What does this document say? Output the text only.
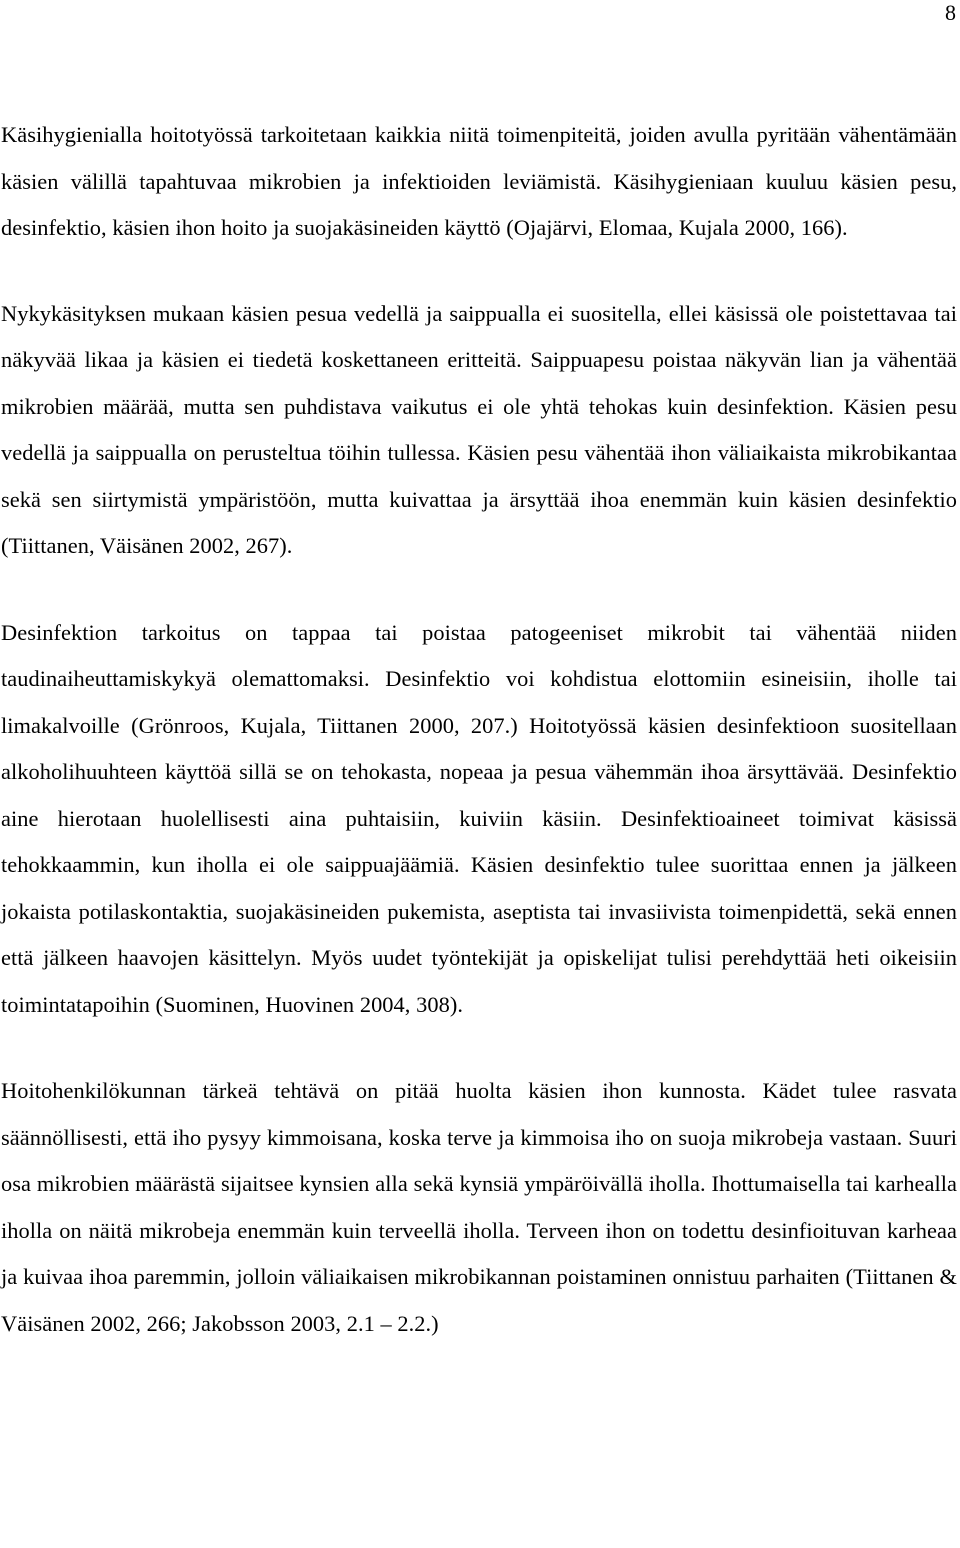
8

Käsihygienialla hoitotyössä tarkoitetaan kaikkia niitä toimenpiteitä, joiden avulla pyritään vähentämään käsien välillä tapahtuvaa mikrobien ja infektioiden leviämistä. Käsihygieniaan kuuluu käsien pesu, desinfektio, käsien ihon hoito ja suojakäsineiden käyttö (Ojajärvi, Elomaa, Kujala 2000, 166).

Nykykäsityksen mukaan käsien pesua vedellä ja saippualla ei suositella, ellei käsissä ole poistettavaa tai näkyvää likaa ja käsien ei tiedetä koskettaneen eritteitä. Saippuapesu poistaa näkyvän lian ja vähentää mikrobien määrää, mutta sen puhdistava vaikutus ei ole yhtä tehokas kuin desinfektion. Käsien pesu vedellä ja saippualla on perusteltua töihin tullessa. Käsien pesu vähentää ihon väliaikaista mikrobikantaa sekä sen siirtymistä ympäristöön, mutta kuivattaa ja ärsyttää ihoa enemmän kuin käsien desinfektio (Tiittanen, Väisänen 2002, 267).

Desinfektion tarkoitus on tappaa tai poistaa patogeeniset mikrobit tai vähentää niiden taudinaiheuttamiskykyä olemattomaksi. Desinfektio voi kohdistua elottomiin esineisiin, iholle tai limakalvoille (Grönroos, Kujala, Tiittanen 2000, 207.) Hoitotyössä käsien desinfektioon suositellaan alkoholihuuhteen käyttöä sillä se on tehokasta, nopeaa ja pesua vähemmän ihoa ärsyttävää. Desinfektio aine hierotaan huolellisesti aina puhtaisiin, kuiviin käsiin. Desinfektioaineet toimivat käsissä tehokkaammin, kun iholla ei ole saippuajäämiä. Käsien desinfektio tulee suorittaa ennen ja jälkeen jokaista potilaskontaktia, suojakäsineiden pukemista, aseptista tai invasiivista toimenpidettä, sekä ennen että jälkeen haavojen käsittelyn. Myös uudet työntekijät ja opiskelijat tulisi perehdyttää heti oikeisiin toimintatapoihin (Suominen, Huovinen 2004, 308).

Hoitohenkilökunnan tärkeä tehtävä on pitää huolta käsien ihon kunnosta. Kädet tulee rasvata säännöllisesti, että iho pysyy kimmoisana, koska terve ja kimmoisa iho on suoja mikrobeja vastaan. Suuri osa mikrobien määrästä sijaitsee kynsien alla sekä kynsiä ympäröivällä iholla. Ihottumaisella tai karhealla iholla on näitä mikrobeja enemmän kuin terveellä iholla. Terveen ihon on todettu desinfioituvan karheaa ja kuivaa ihoa paremmin, jolloin väliaikaisen mikrobikannan poistaminen onnistuu parhaiten (Tiittanen & Väisänen 2002, 266; Jakobsson 2003, 2.1 – 2.2.)
